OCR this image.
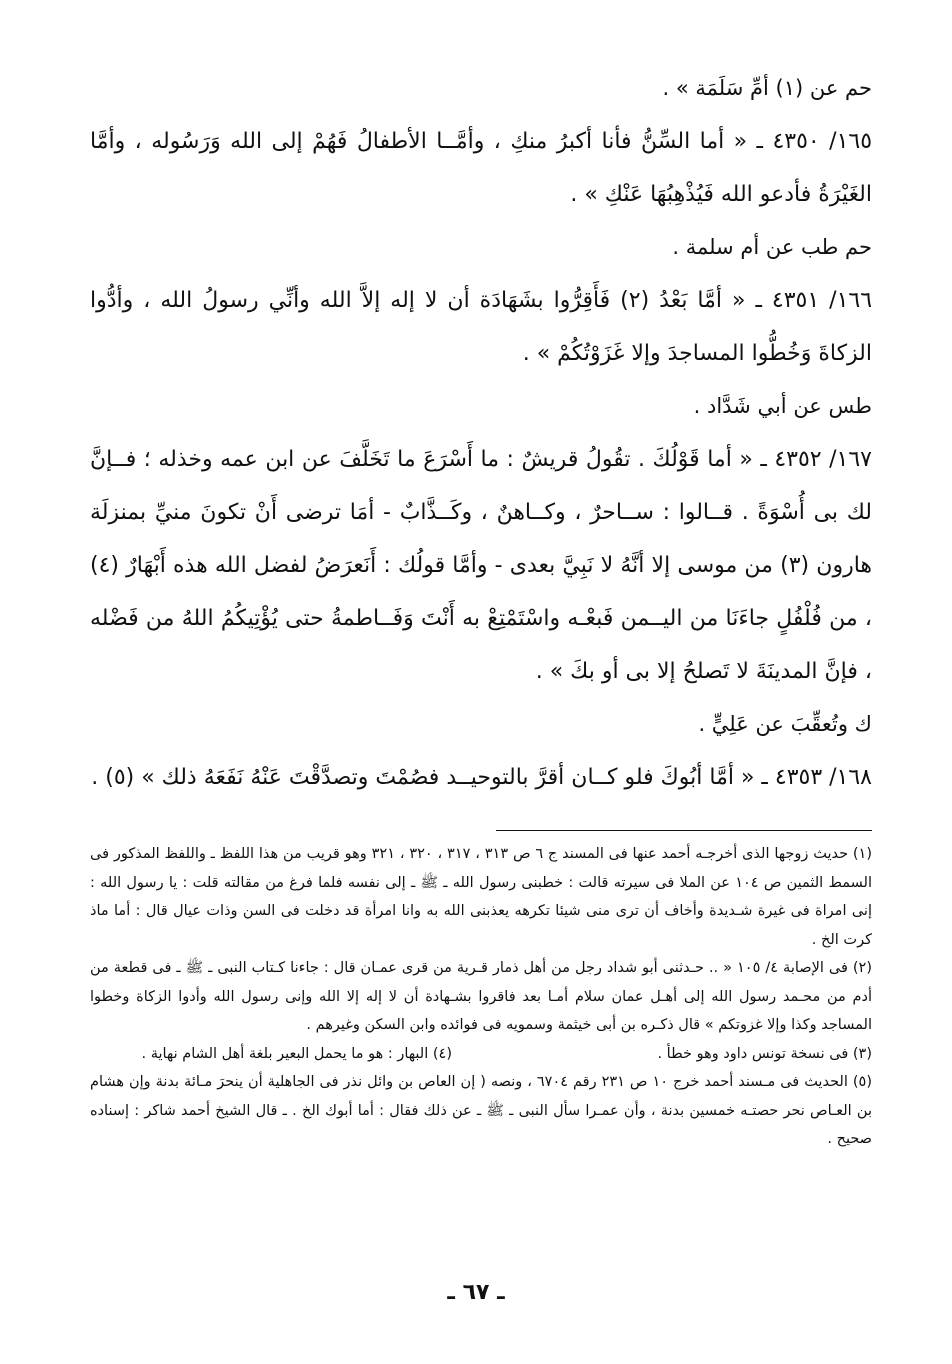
حم عن (١) أمِّ سَلَمَة » .

١٦٥/ ٤٣٥٠ ـ « أما السِّنُّ فأنا أكبرُ منكِ ، وأمَّــا الأطفالُ فَهُمْ إلى الله وَرَسُوله ، وأمَّا الغَيْرَةُ فأدعو الله فَيُذْهِبُهَا عَنْكِ » .

حم طب عن أم سلمة .

١٦٦/ ٤٣٥١ ـ « أمَّا بَعْدُ (٢) فَأَقِرُّوا بشَهَادَة أن لا إله إلاَّ الله وأنِّي رسولُ الله ، وأدُّوا الزكاةَ وَخُطُّوا المساجدَ وإلا غَزَوْتُكُمْ » .

طس عن أبي شَدَّاد .

١٦٧/ ٤٣٥٢ ـ « أما قَوْلُكَ . تقُولُ قريشٌ : ما أَسْرَعَ ما تَخَلَّفَ عن ابن عمه وخذله ؛ فــإنَّ لك بى أُسْوَةً . قــالوا : ســاحرٌ ، وكــاهنٌ ، وكَــذَّابٌ - أمَا ترضى أَنْ تكونَ منيِّ بمنزلَة هارون (٣) من موسى إلا أنَّهُ لا نَبِيَّ بعدى - وأمَّا قولُك : أَنَعرَضُ لفضل الله هذه أَبْهَارٌ (٤) ، من فُلْفُلٍ جاءَنَا من اليــمن فَبعْـه واسْتَمْتِعْ به أَنْتَ وَفَــاطمةُ حتى يُؤْتِيكُمُ اللهُ من فَضْله ، فإنَّ المدينَةَ لا تَصلحُ إلا بى أو بكَ » .

ك وتُعقِّبَ عن عَلِيٍّ .

١٦٨/ ٤٣٥٣ ـ « أمَّا أبُوكَ فلو كــان أقرَّ بالتوحيــد فصُمْتَ وتصدَّقْتَ عَنْهُ نَفَعَهُ ذلك » (٥) .

(١) حديث زوجها الذى أخرجـه أحمد عنها فى المسند ج ٦ ص ٣١٣ ، ٣١٧ ، ٣٢٠ ، ٣٢١ وهو قريب من هذا اللفظ ـ واللفظ المذكور فى السمط الثمين ص ١٠٤ عن الملا فى سيرته قالت : خطبنى رسول الله ـ ﷺ ـ إلى نفسه فلما فرغ من مقالته قلت : يا رسول الله : إنى امراة فى غيرة شـديدة وأخاف أن ترى منى شيئا تكرهه يعذبنى الله به وانا امرأة قد دخلت فى السن وذات عيال قال : أما ماذ كرت الخ .

(٢) فى الإصابة ٤/ ١٠٥ « .. حـدثنى أبو شداد رجل من أهل ذمار قـرية من قرى عمـان قال : جاءنا كـتاب النبى ـ ﷺ ـ فى قطعة من أدم من محـمد رسول الله إلى أهـل عمان سلام أمـا بعد فاقروا بشـهادة أن لا إله إلا الله وإنى رسول الله وأدوا الزكاة وخطوا المساجد وكذا وإلا غزوتكم » قال ذكـره بن أبى خيثمة وسمويه فى فوائده وابن السكن وغيرهم .

(٣) فى نسخة تونس داود وهو خطأ .
(٤) البهار : هو ما يحمل البعير بلغة أهل الشام نهاية .

(٥) الحديث فى مـسند أحمد خرج ١٠ ص ٢٣١ رقم ٦٧٠٤ ، ونصه ( إن العاص بن وائل نذر فى الجاهلية أن ينحرَ مـائة بدنة وإن هشام بن العـاص نحر حصتـه خمسين بدنة ، وأن عمـرا سأل النبى ـ ﷺ ـ عن ذلك فقال : أما أبوك الخ . ـ قال الشيخ أحمد شاكر : إسناده صحيح .

ـ ٦٧ ـ
